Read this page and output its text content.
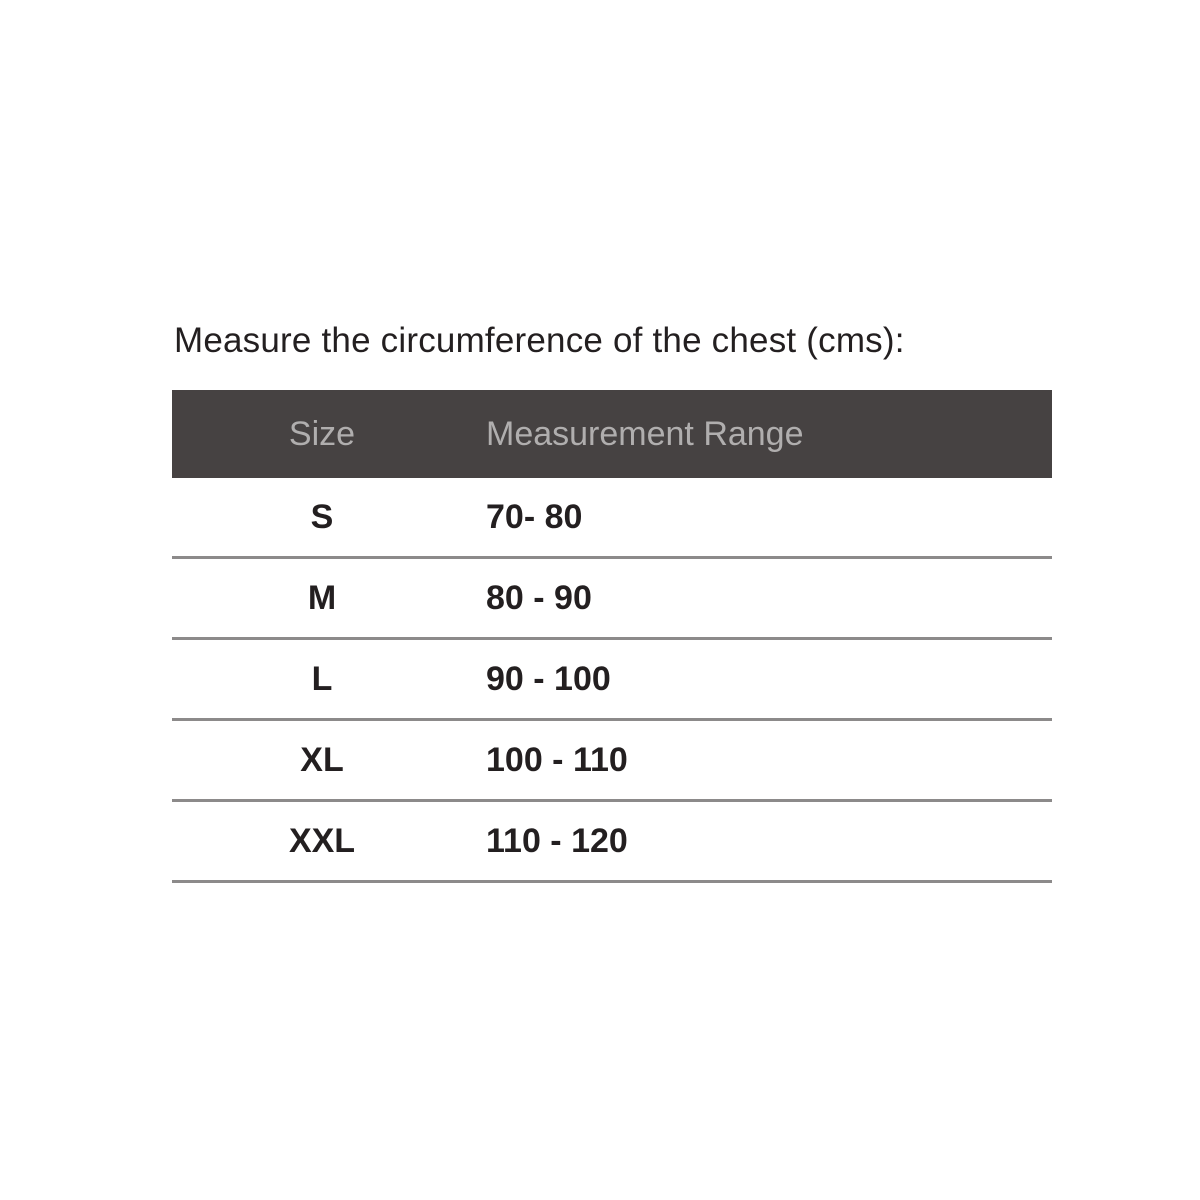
Measure the circumference of the chest (cms):

Size	Measurement Range
S	70- 80
M	80 - 90
L	90 - 100
XL	100 - 110
XXL	110 - 120
